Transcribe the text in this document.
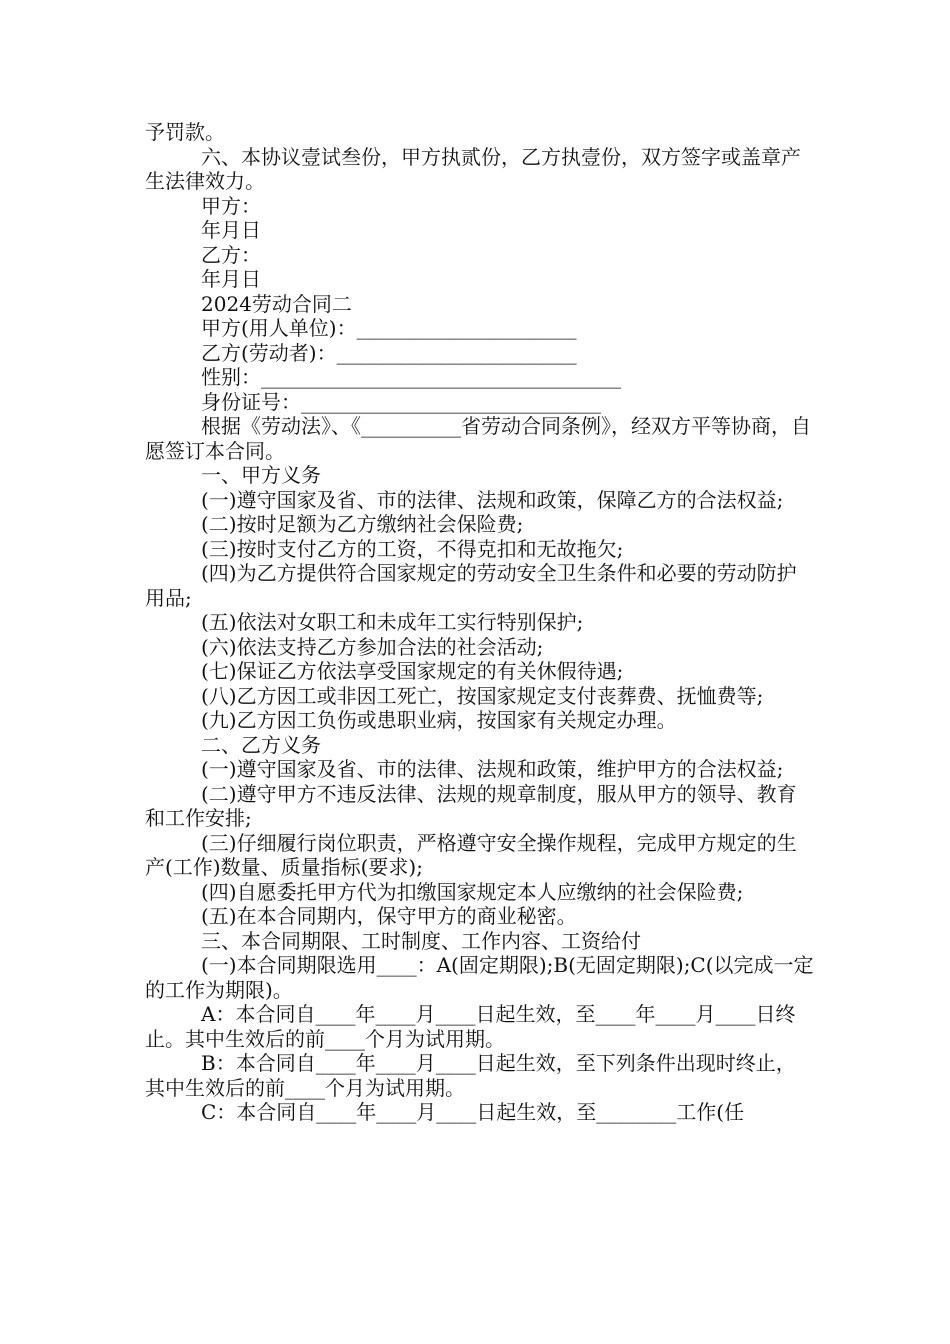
予罚款。

六、本协议壹试叁份，甲方执贰份，乙方执壹份，双方签字或盖章产生法律效力。

甲方：

年月日

乙方：

年月日

2024劳动合同二

甲方(用人单位)：______________________

乙方(劳动者)：________________________

性别：____________________________________

身份证号：______________________________

根据《劳动法》、《__________省劳动合同条例》，经双方平等协商，自愿签订本合同。

一、甲方义务

(一)遵守国家及省、市的法律、法规和政策，保障乙方的合法权益;

(二)按时足额为乙方缴纳社会保险费;

(三)按时支付乙方的工资，不得克扣和无故拖欠;

(四)为乙方提供符合国家规定的劳动安全卫生条件和必要的劳动防护用品;

(五)依法对女职工和未成年工实行特别保护;

(六)依法支持乙方参加合法的社会活动;

(七)保证乙方依法享受国家规定的有关休假待遇;

(八)乙方因工或非因工死亡，按国家规定支付丧葬费、抚恤费等;

(九)乙方因工负伤或患职业病，按国家有关规定办理。

二、乙方义务

(一)遵守国家及省、市的法律、法规和政策，维护甲方的合法权益;

(二)遵守甲方不违反法律、法规的规章制度，服从甲方的领导、教育和工作安排;

(三)仔细履行岗位职责，严格遵守安全操作规程，完成甲方规定的生产(工作)数量、质量指标(要求);

(四)自愿委托甲方代为扣缴国家规定本人应缴纳的社会保险费;

(五)在本合同期内，保守甲方的商业秘密。

三、本合同期限、工时制度、工作内容、工资给付

(一)本合同期限选用____：A(固定期限);B(无固定期限);C(以完成一定的工作为期限)。

A：本合同自____年____月____日起生效，至____年____月____日终止。其中生效后的前____个月为试用期。

B：本合同自____年____月____日起生效，至下列条件出现时终止，其中生效后的前____个月为试用期。

C：本合同自____年____月____日起生效，至________工作(任
